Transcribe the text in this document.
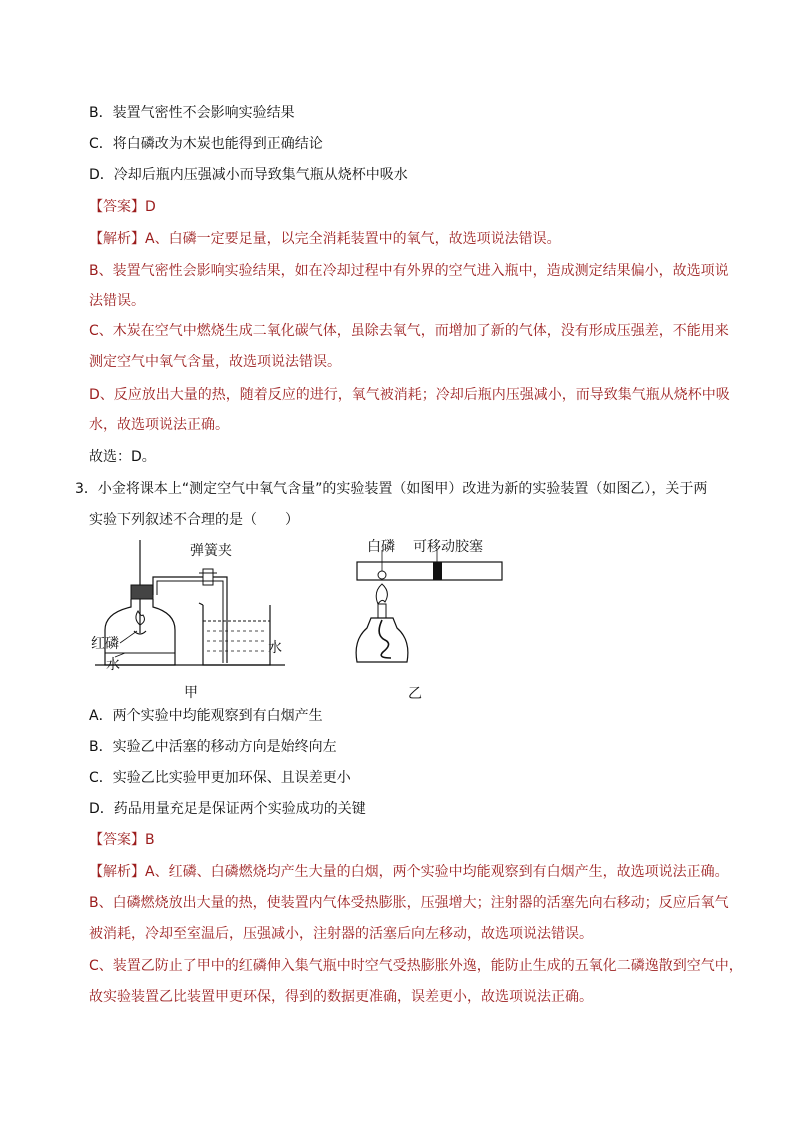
B．装置气密性不会影响实验结果
C．将白磷改为木炭也能得到正确结论
D．冷却后瓶内压强减小而导致集气瓶从烧杯中吸水
【答案】D
【解析】A、白磷一定要足量，以完全消耗装置中的氧气，故选项说法错误。
B、装置气密性会影响实验结果，如在冷却过程中有外界的空气进入瓶中，造成测定结果偏小，故选项说
法错误。
C、木炭在空气中燃烧生成二氧化碳气体，虽除去氧气，而增加了新的气体，没有形成压强差，不能用来
测定空气中氧气含量，故选项说法错误。
D、反应放出大量的热，随着反应的进行，氧气被消耗；冷却后瓶内压强减小，而导致集气瓶从烧杯中吸
水，故选项说法正确。
故选：D。
3．小金将课本上“测定空气中氧气含量”的实验装置（如图甲）改进为新的实验装置（如图乙），关于两
实验下列叙述不合理的是（　　）
弹簧夹
红磷
水
水
甲
白磷 可移动胶塞
乙
A．两个实验中均能观察到有白烟产生
B．实验乙中活塞的移动方向是始终向左
C．实验乙比实验甲更加环保、且误差更小
D．药品用量充足是保证两个实验成功的关键
【答案】B
【解析】A、红磷、白磷燃烧均产生大量的白烟，两个实验中均能观察到有白烟产生，故选项说法正确。
B、白磷燃烧放出大量的热，使装置内气体受热膨胀，压强增大；注射器的活塞先向右移动；反应后氧气
被消耗，冷却至室温后，压强减小，注射器的活塞后向左移动，故选项说法错误。
C、装置乙防止了甲中的红磷伸入集气瓶中时空气受热膨胀外逸，能防止生成的五氧化二磷逸散到空气中，
故实验装置乙比装置甲更环保，得到的数据更准确，误差更小，故选项说法正确。
